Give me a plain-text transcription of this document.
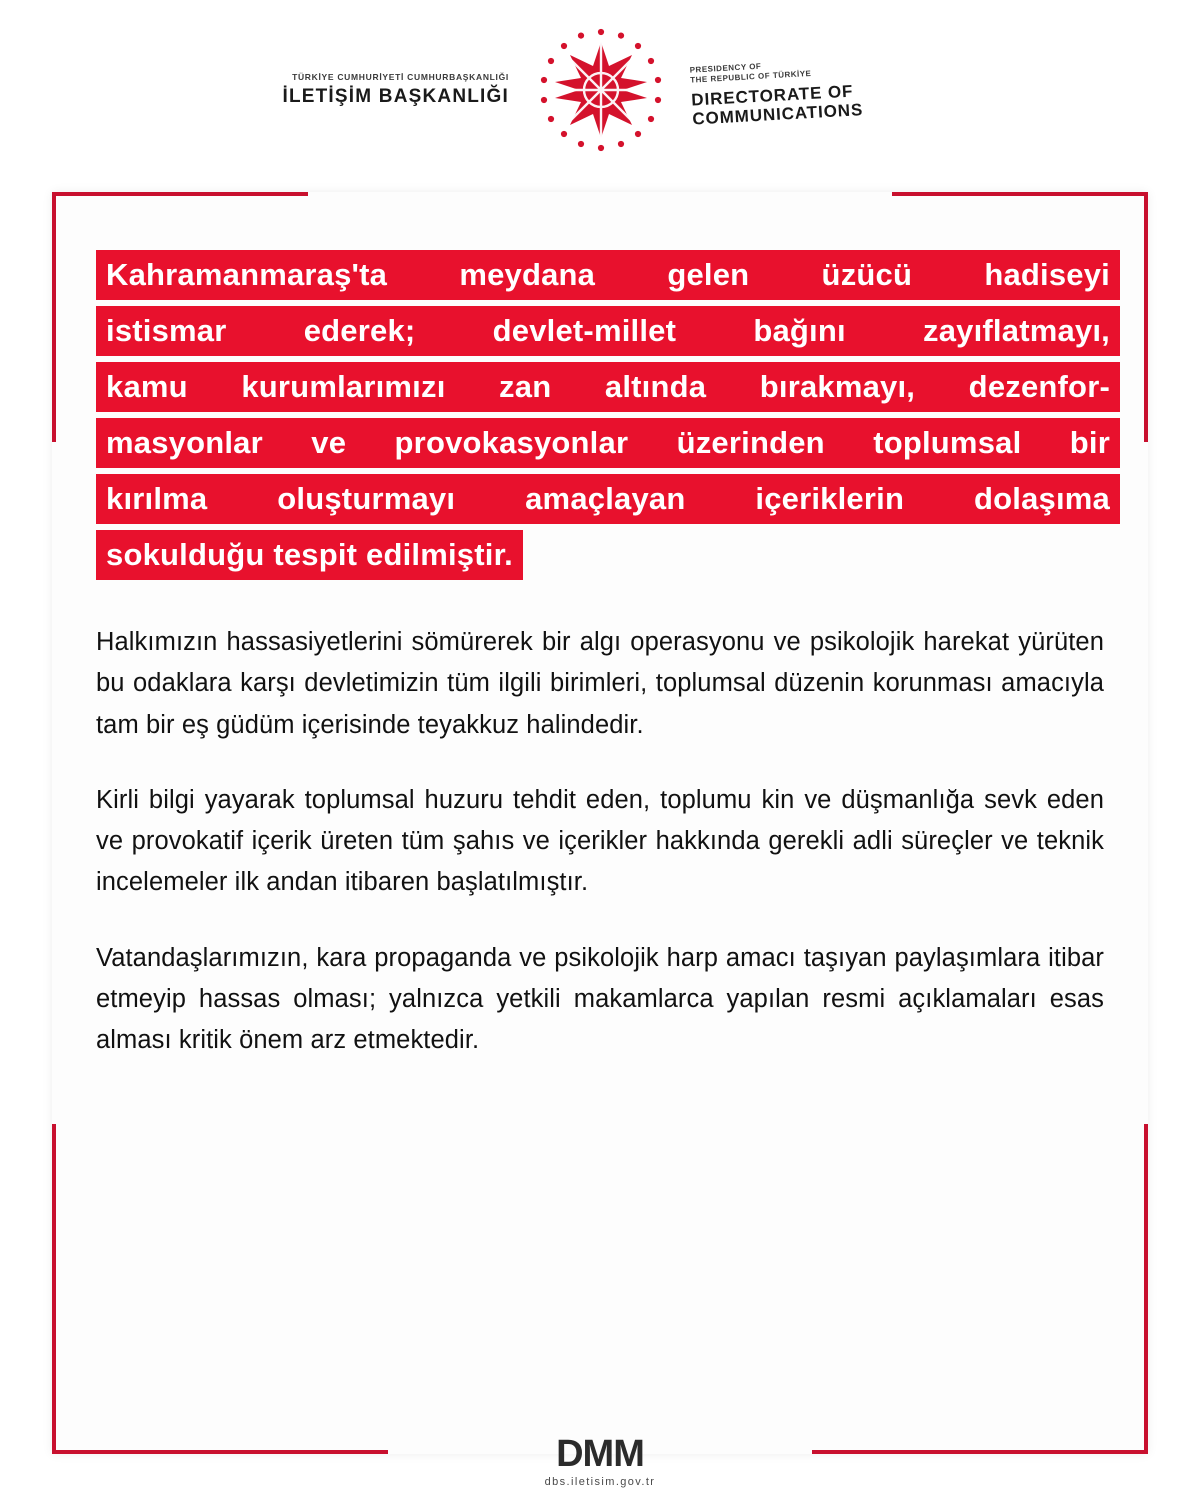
TÜRKİYE CUMHURİYETİ CUMHURBAŞKANLIĞI
İLETİŞİM BAŞKANLIĞI
PRESIDENCY OF
THE REPUBLIC OF TÜRKİYE
DIRECTORATE OF
COMMUNICATIONS
Kahramanmaraş'ta meydana gelen üzücü hadiseyi
istismar ederek; devlet-millet bağını zayıflatmayı,
kamu kurumlarımızı zan altında bırakmayı, dezenfor-
masyonlar ve provokasyonlar üzerinden toplumsal bir
kırılma oluşturmayı amaçlayan içeriklerin dolaşıma
sokulduğu tespit edilmiştir.

Halkımızın hassasiyetlerini sömürerek bir algı operasyonu ve psikolojik harekat yürüten bu odaklara karşı devletimizin tüm ilgili birimleri, toplumsal düzenin korunması amacıyla tam bir eş güdüm içerisinde teyakkuz halindedir.

Kirli bilgi yayarak toplumsal huzuru tehdit eden, toplumu kin ve düşmanlığa sevk eden ve provokatif içerik üreten tüm şahıs ve içerikler hakkında gerekli adli süreçler ve teknik incelemeler ilk andan itibaren başlatılmıştır.

Vatandaşlarımızın, kara propaganda ve psikolojik harp amacı taşıyan paylaşımlara itibar etmeyip hassas olması; yalnızca yetkili makamlarca yapılan resmi açıklamaları esas alması kritik önem arz etmektedir.

DMM
dbs.iletisim.gov.tr
